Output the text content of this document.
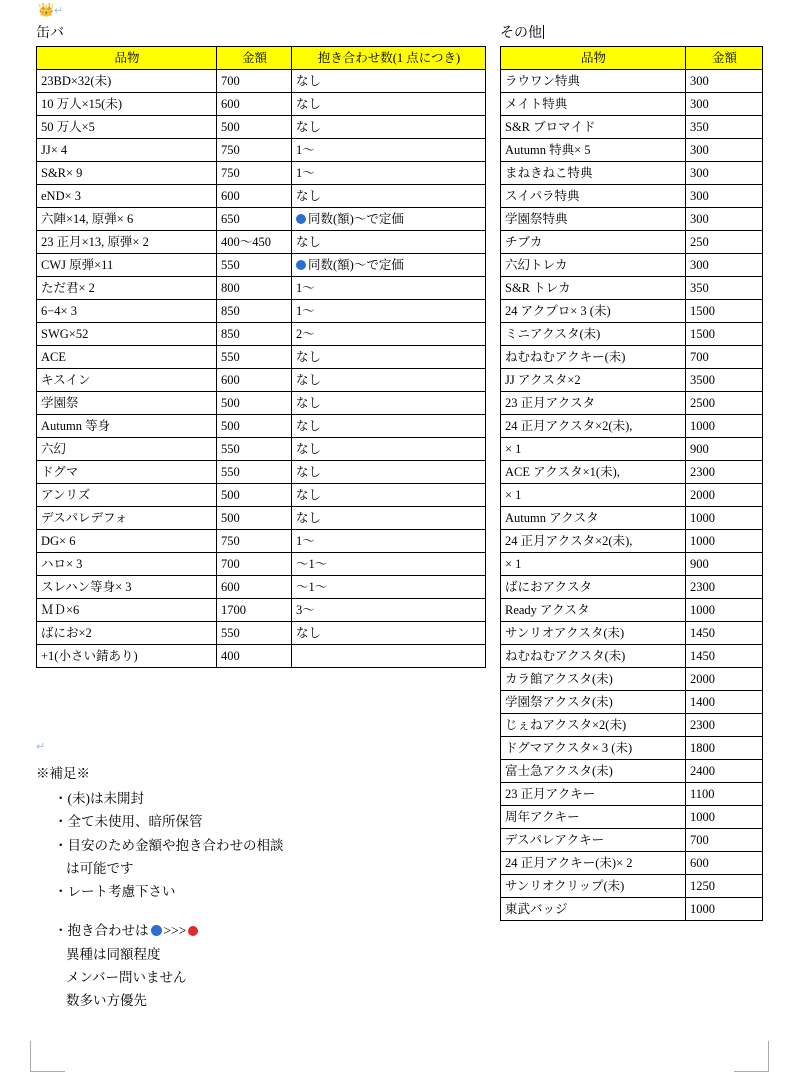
👑 ↵
缶バ	その他
品物	金額	抱き合わせ数(1 点につき)
23BD×32(未)	700	なし
10 万人×15(未)	600	なし
50 万人×5	500	なし
JJ× 4	750	1〜
S&R× 9	750	1〜
eND× 3	600	なし
六陣×14, 原弾× 6	650	同数(額)〜で定価
23 正月×13, 原弾× 2	400〜450	なし
CWJ 原弾×11	550	同数(額)〜で定価
ただ君× 2	800	1〜
6−4× 3	850	1〜
SWG×52	850	2〜
ACE	550	なし
キスイン	600	なし
学園祭	500	なし
Autumn 等身	500	なし
六幻	550	なし
ドグマ	550	なし
アンリズ	500	なし
デスパレデフォ	500	なし
DG× 6	750	1〜
ハロ× 3	700	〜1〜
スレハン等身× 3	600	〜1〜
ＭＤ×6	1700	3〜
ばにお×2	550	なし
+1(小さい錆あり)	400	
品物	金額
ラウワン特典	300
メイト特典	300
S&R ブロマイド	350
Autumn 特典× 5	300
まねきねこ特典	300
スイパラ特典	300
学園祭特典	300
チブカ	250
六幻トレカ	300
S&R トレカ	350
24 アクプロ× 3 (未)	1500
ミニアクスタ(未)	1500
ねむねむアクキー(未)	700
JJ アクスタ×2	3500
23 正月アクスタ	2500
24 正月アクスタ×2(未),	1000
× 1	900
ACE アクスタ×1(未),	2300
× 1	2000
Autumn アクスタ	1000
24 正月アクスタ×2(未),	1000
× 1	900
ばにおアクスタ	2300
Ready アクスタ	1000
サンリオアクスタ(未)	1450
ねむねむアクスタ(未)	1450
カラ館アクスタ(未)	2000
学園祭アクスタ(未)	1400
じぇねアクスタ×2(未)	2300
ドグマアクスタ× 3 (未)	1800
富士急アクスタ(未)	2400
23 正月アクキー	1100
周年アクキー	1000
デスパレアクキー	700
24 正月アクキー(未)× 2	600
サンリオクリップ(未)	1250
東武バッジ	1000
↵
※補足※
・(未)は未開封
・全て未使用、暗所保管
・目安のため金額や抱き合わせの相談
は可能です
・レート考慮下さい

・抱き合わせは >>>
異種は同額程度
メンバー問いません
数多い方優先
